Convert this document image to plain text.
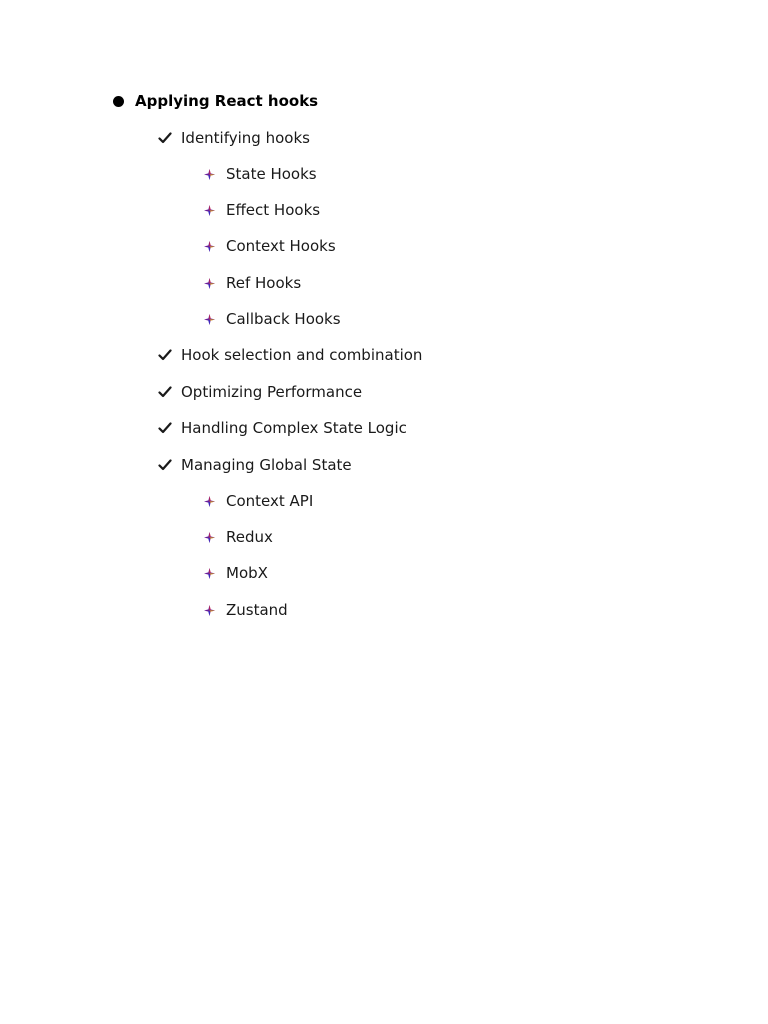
Applying React hooks
Identifying hooks
State Hooks
Effect Hooks
Context Hooks
Ref Hooks
Callback Hooks
Hook selection and combination
Optimizing Performance
Handling Complex State Logic
Managing Global State
Context API
Redux
MobX
Zustand
